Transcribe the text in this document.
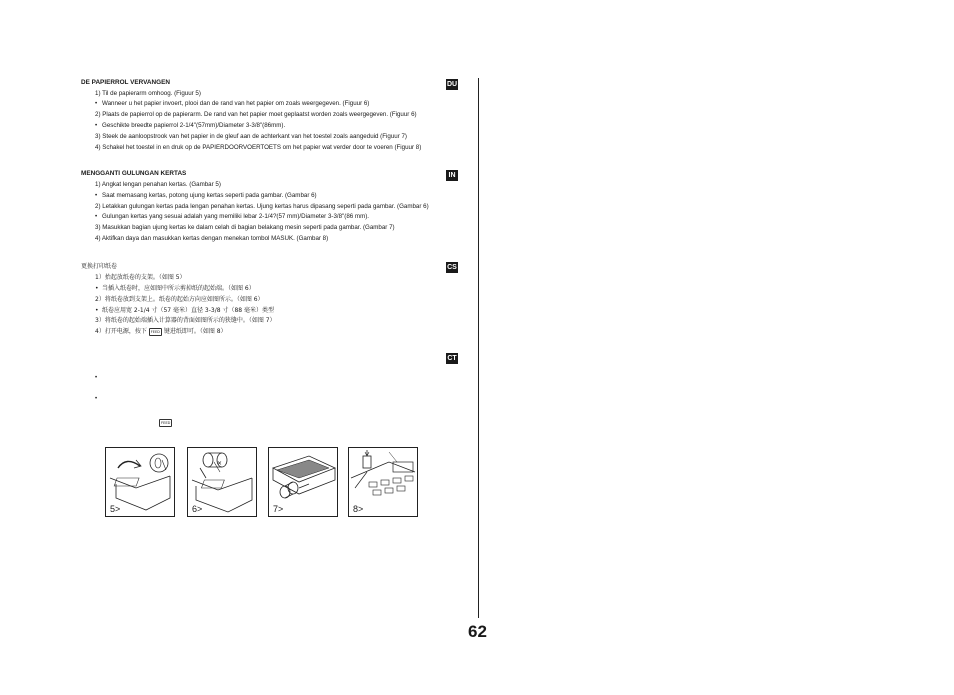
62
DU
DE PAPIERROL VERVANGEN
1) Til de papierarm omhoog. (Figuur 5)
• Wanneer u het papier invoert, plooi dan de rand van het papier om zoals weergegeven. (Figuur 6)
2) Plaats de papierrol op de papierarm. De rand van het papier moet geplaatst worden zoals weergegeven. (Figuur 6)
• Geschikte breedte papierrol 2-1/4"(57mm)/Diameter 3-3/8"(86mm).
3) Steek de aanloopstrook van het papier in de gleuf aan de achterkant van het toestel zoals aangeduid (Figuur 7)
4) Schakel het toestel in en druk op de PAPIERDOORVOERTOETS om het papier wat verder door te voeren (Figuur 8)
IN
MENGGANTI GULUNGAN KERTAS
1) Angkat lengan penahan kertas. (Gambar 5)
• Saat memasang kertas, potong ujung kertas seperti pada gambar. (Gambar 6)
2) Letakkan gulungan kertas pada lengan penahan kertas. Ujung kertas harus dipasang seperti pada gambar. (Gambar 6)
• Gulungan kertas yang sesuai adalah yang memiliki lebar 2-1/4?(57 mm)/Diameter 3-3/8"(86 mm).
3) Masukkan bagian ujung kertas ke dalam celah di bagian belakang mesin seperti pada gambar. (Gambar 7)
4) Aktifkan daya dan masukkan kertas dengan menekan tombol MASUK. (Gambar 8)
CS
更换打印纸卷
1）抬起放纸卷的支架。（如图 5）
• 当插入纸卷时，应如图中所示剪掉纸的起始端。（如图 6）
2）将纸卷放到支架上。纸卷的起始方向应如图所示。（如图 6）
• 纸卷应用宽 2-1/4 寸（57 毫米）直径 3-3/8 寸（88 毫米）类型
3）将纸卷的起始端插入计算器的背面如图所示的狭缝中。（如图 7）
4）打开电源，按下 FEED 键进纸即可。（如图 8）
CT
•
•
FEED
5>
×
6>	7>	8>
